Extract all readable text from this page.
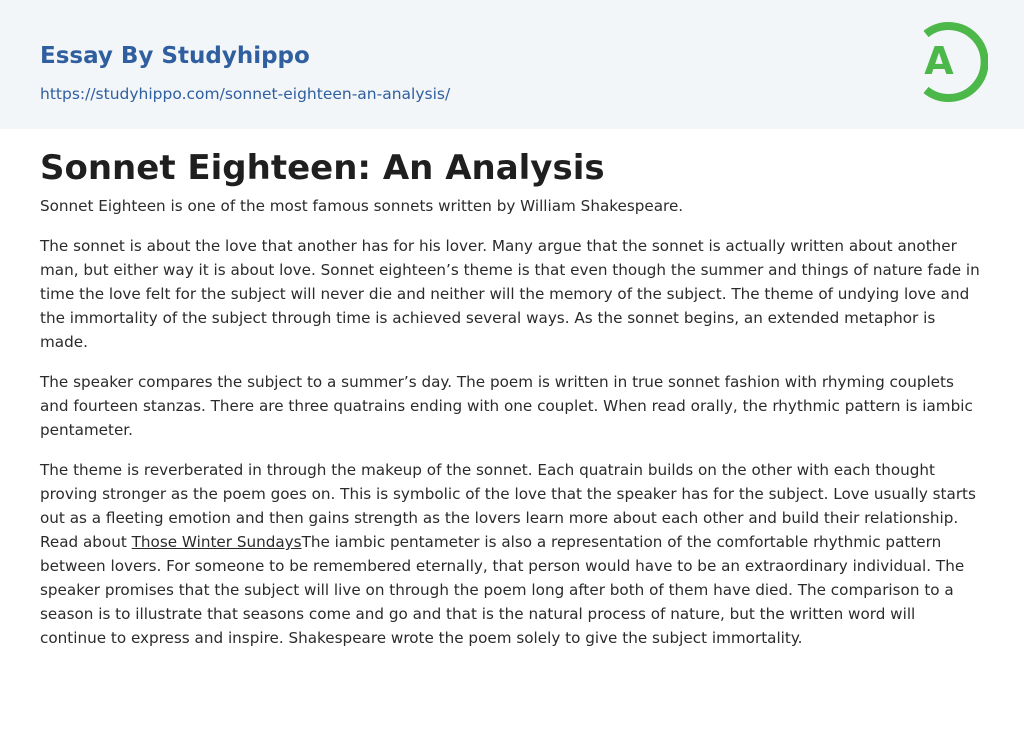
Essay By Studyhippo
https://studyhippo.com/sonnet-eighteen-an-analysis/
A
Sonnet Eighteen: An Analysis

Sonnet Eighteen is one of the most famous sonnets written by William Shakespeare.

The sonnet is about the love that another has for his lover. Many argue that the sonnet is actually written about another man, but either way it is about love. Sonnet eighteen’s theme is that even though the summer and things of nature fade in time the love felt for the subject will never die and neither will the memory of the subject. The theme of undying love and the immortality of the subject through time is achieved several ways. As the sonnet begins, an extended metaphor is made.

The speaker compares the subject to a summer’s day. The poem is written in true sonnet fashion with rhyming couplets and fourteen stanzas. There are three quatrains ending with one couplet. When read orally, the rhythmic pattern is iambic pentameter.

The theme is reverberated in through the makeup of the sonnet. Each quatrain builds on the other with each thought proving stronger as the poem goes on. This is symbolic of the love that the speaker has for the subject. Love usually starts out as a fleeting emotion and then gains strength as the lovers learn more about each other and build their relationship. Read about Those Winter SundaysThe iambic pentameter is also a representation of the comfortable rhythmic pattern between lovers. For someone to be remembered eternally, that person would have to be an extraordinary individual. The speaker promises that the subject will live on through the poem long after both of them have died. The comparison to a season is to illustrate that seasons come and go and that is the natural process of nature, but the written word will continue to express and inspire. Shakespeare wrote the poem solely to give the subject immortality.
